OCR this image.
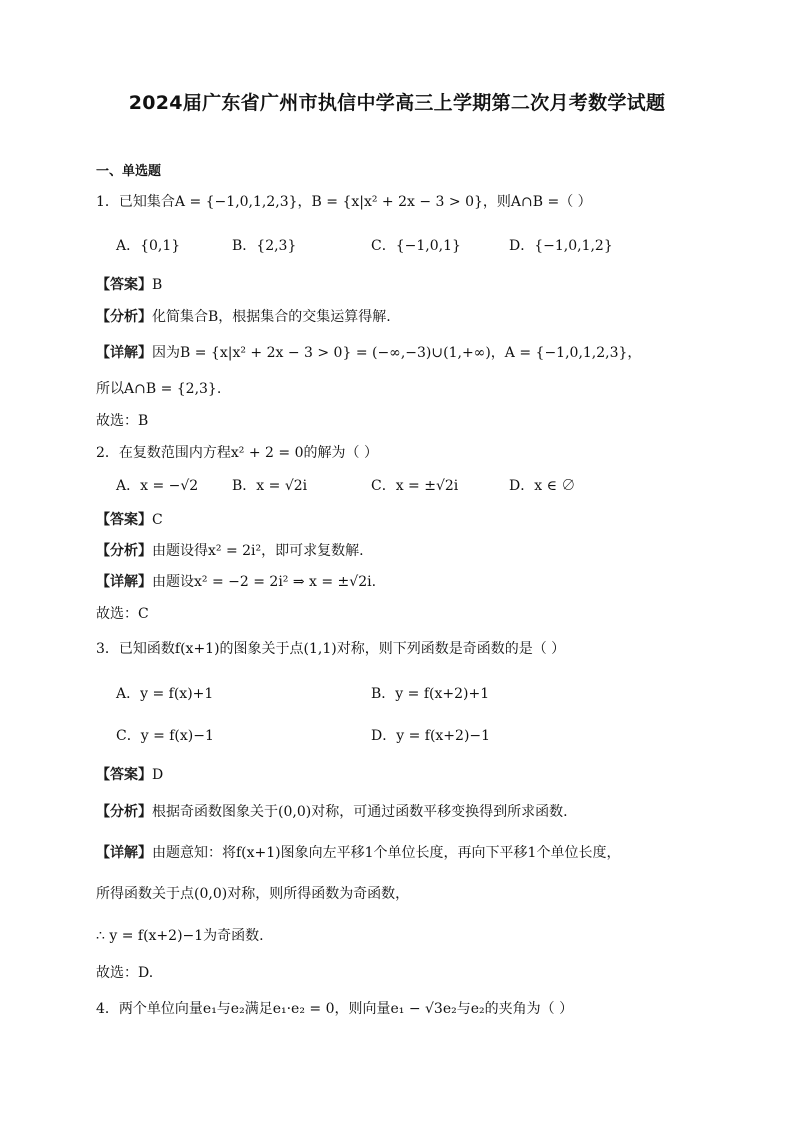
2024届广东省广州市执信中学高三上学期第二次月考数学试题
一、单选题
1．已知集合A = {−1,0,1,2,3}，B = {x|x² + 2x − 3 > 0}，则A∩B =（ ）
A．{0,1}	B．{2,3}	C．{−1,0,1}	D．{−1,0,1,2}
【答案】B
【分析】化简集合B，根据集合的交集运算得解.
【详解】因为B = {x|x² + 2x − 3 > 0} = (−∞,−3)∪(1,+∞)，A = {−1,0,1,2,3}，
所以A∩B = {2,3}.
故选：B
2．在复数范围内方程x² + 2 = 0的解为（ ）
A．x = −√2 B．x = √2i	C．x = ±√2i	D．x ∈ ∅
【答案】C
【分析】由题设得x² = 2i²，即可求复数解.
【详解】由题设x² = −2 = 2i² ⇒ x = ±√2i.
故选：C
3．已知函数f(x+1)的图象关于点(1,1)对称，则下列函数是奇函数的是（ ）
A．y = f(x)+1	B．y = f(x+2)+1
C．y = f(x)−1	D．y = f(x+2)−1
【答案】D
【分析】根据奇函数图象关于(0,0)对称，可通过函数平移变换得到所求函数.
【详解】由题意知：将f(x+1)图象向左平移1个单位长度，再向下平移1个单位长度，
所得函数关于点(0,0)对称，则所得函数为奇函数，
∴ y = f(x+2)−1为奇函数.
故选：D.
4．两个单位向量e₁与e₂满足e₁·e₂ = 0，则向量e₁ − √3e₂与e₂的夹角为（ ）
